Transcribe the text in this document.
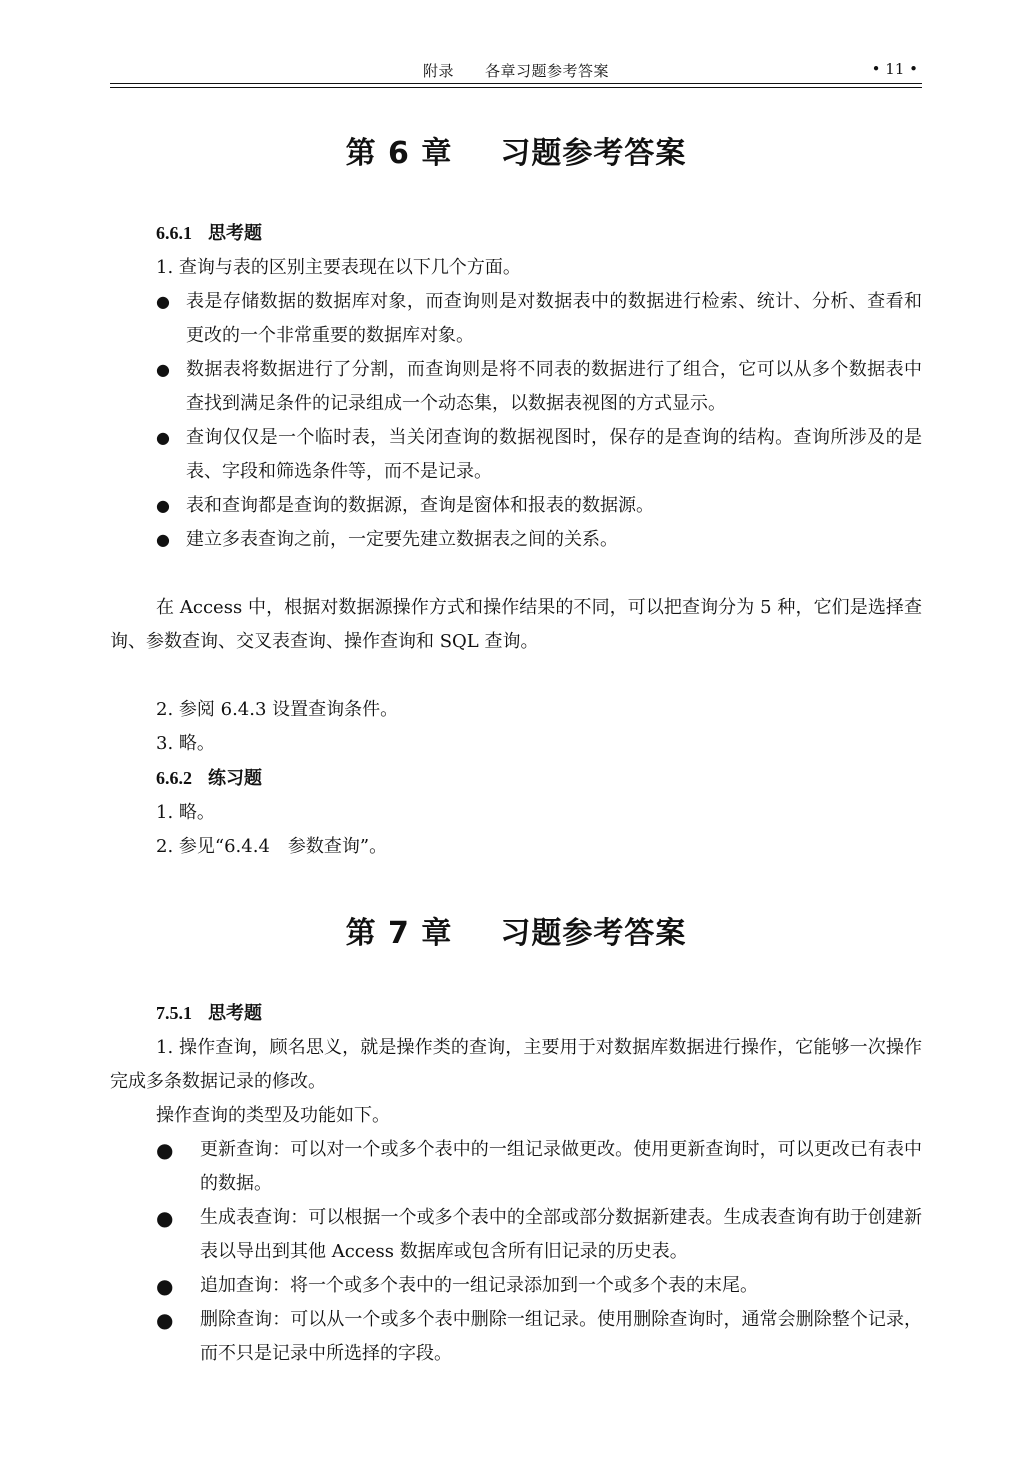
附录　　各章习题参考答案	• 11 •
第 6 章 习题参考答案
6.6.1 思考题

1. 查询与表的区别主要表现在以下几个方面。

● 表是存储数据的数据库对象，而查询则是对数据表中的数据进行检索、统计、分析、查看和更改的一个非常重要的数据库对象。
● 数据表将数据进行了分割，而查询则是将不同表的数据进行了组合，它可以从多个数据表中查找到满足条件的记录组成一个动态集，以数据表视图的方式显示。
● 查询仅仅是一个临时表，当关闭查询的数据视图时，保存的是查询的结构。查询所涉及的是表、字段和筛选条件等，而不是记录。
● 表和查询都是查询的数据源，查询是窗体和报表的数据源。
● 建立多表查询之前，一定要先建立数据表之间的关系。

在 Access 中，根据对数据源操作方式和操作结果的不同，可以把查询分为 5 种，它们是选择查询、参数查询、交叉表查询、操作查询和 SQL 查询。

2. 参阅 6.4.3 设置查询条件。

3. 略。

6.6.2 练习题

1. 略。

2. 参见“6.4.4　参数查询”。

第 7 章 习题参考答案
7.5.1 思考题

1. 操作查询，顾名思义，就是操作类的查询，主要用于对数据库数据进行操作，它能够一次操作完成多条数据记录的修改。

操作查询的类型及功能如下。

● 更新查询：可以对一个或多个表中的一组记录做更改。使用更新查询时，可以更改已有表中的数据。
● 生成表查询：可以根据一个或多个表中的全部或部分数据新建表。生成表查询有助于创建新表以导出到其他 Access 数据库或包含所有旧记录的历史表。
● 追加查询：将一个或多个表中的一组记录添加到一个或多个表的末尾。
● 删除查询：可以从一个或多个表中删除一组记录。使用删除查询时，通常会删除整个记录，而不只是记录中所选择的字段。
